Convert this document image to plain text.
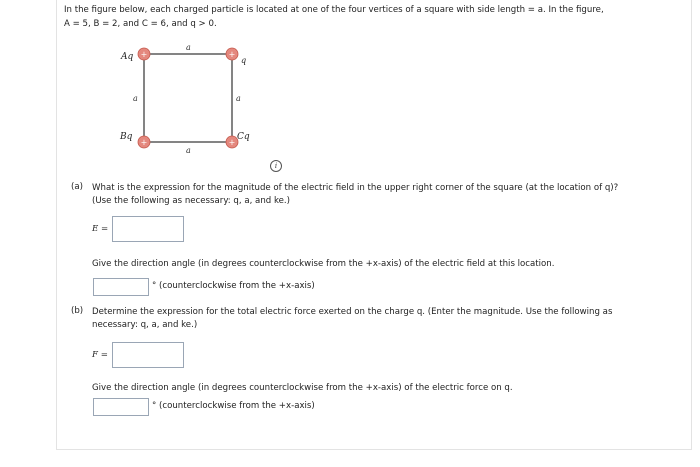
In the figure below, each charged particle is located at one of the four vertices of a square with side length = a. In the figure,
A = 5, B = 2, and C = 6, and q > 0.
a
a
a	a
+	+
+	+
Aq	q
Bq	Cq
i
(a) What is the expression for the magnitude of the electric field in the upper right corner of the square (at the location of q)?
(Use the following as necessary: q, a, and ke.)
E =
Give the direction angle (in degrees counterclockwise from the +x-axis) of the electric field at this location.
° (counterclockwise from the +x-axis)
(b) Determine the expression for the total electric force exerted on the charge q. (Enter the magnitude. Use the following as
necessary: q, a, and ke.)
F =
Give the direction angle (in degrees counterclockwise from the +x-axis) of the electric force on q.
° (counterclockwise from the +x-axis)
